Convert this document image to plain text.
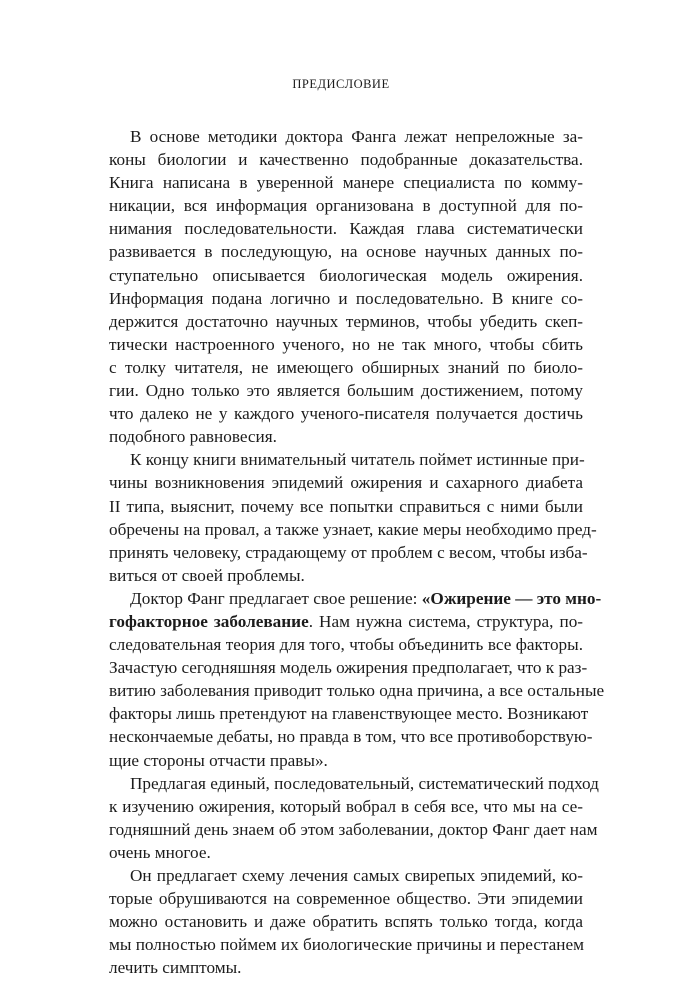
ПРЕДИСЛОВИЕ
В основе методики доктора Фанга лежат непреложные за-
коны биологии и качественно подобранные доказательства.
Книга написана в уверенной манере специалиста по комму-
никации, вся информация организована в доступной для по-
нимания последовательности. Каждая глава систематически
развивается в последующую, на основе научных данных по-
ступательно описывается биологическая модель ожирения.
Информация подана логично и последовательно. В книге со-
держится достаточно научных терминов, чтобы убедить скеп-
тически настроенного ученого, но не так много, чтобы сбить
с толку читателя, не имеющего обширных знаний по биоло-
гии. Одно только это является большим достижением, потому
что далеко не у каждого ученого-писателя получается достичь
подобного равновесия.
К концу книги внимательный читатель поймет истинные при-
чины возникновения эпидемий ожирения и сахарного диабета
II типа, выяснит, почему все попытки справиться с ними были
обречены на провал, а также узнает, какие меры необходимо пред-
принять человеку, страдающему от проблем с весом, чтобы изба-
виться от своей проблемы.
Доктор Фанг предлагает свое решение: «Ожирение — это мно-
гофакторное заболевание. Нам нужна система, структура, по-
следовательная теория для того, чтобы объединить все факторы.
Зачастую сегодняшняя модель ожирения предполагает, что к раз-
витию заболевания приводит только одна причина, а все остальные
факторы лишь претендуют на главенствующее место. Возникают
нескончаемые дебаты, но правда в том, что все противоборствую-
щие стороны отчасти правы».
Предлагая единый, последовательный, систематический подход
к изучению ожирения, который вобрал в себя все, что мы на се-
годняшний день знаем об этом заболевании, доктор Фанг дает нам
очень многое.
Он предлагает схему лечения самых свирепых эпидемий, ко-
торые обрушиваются на современное общество. Эти эпидемии
можно остановить и даже обратить вспять только тогда, когда
мы полностью поймем их биологические причины и перестанем
лечить симптомы.
